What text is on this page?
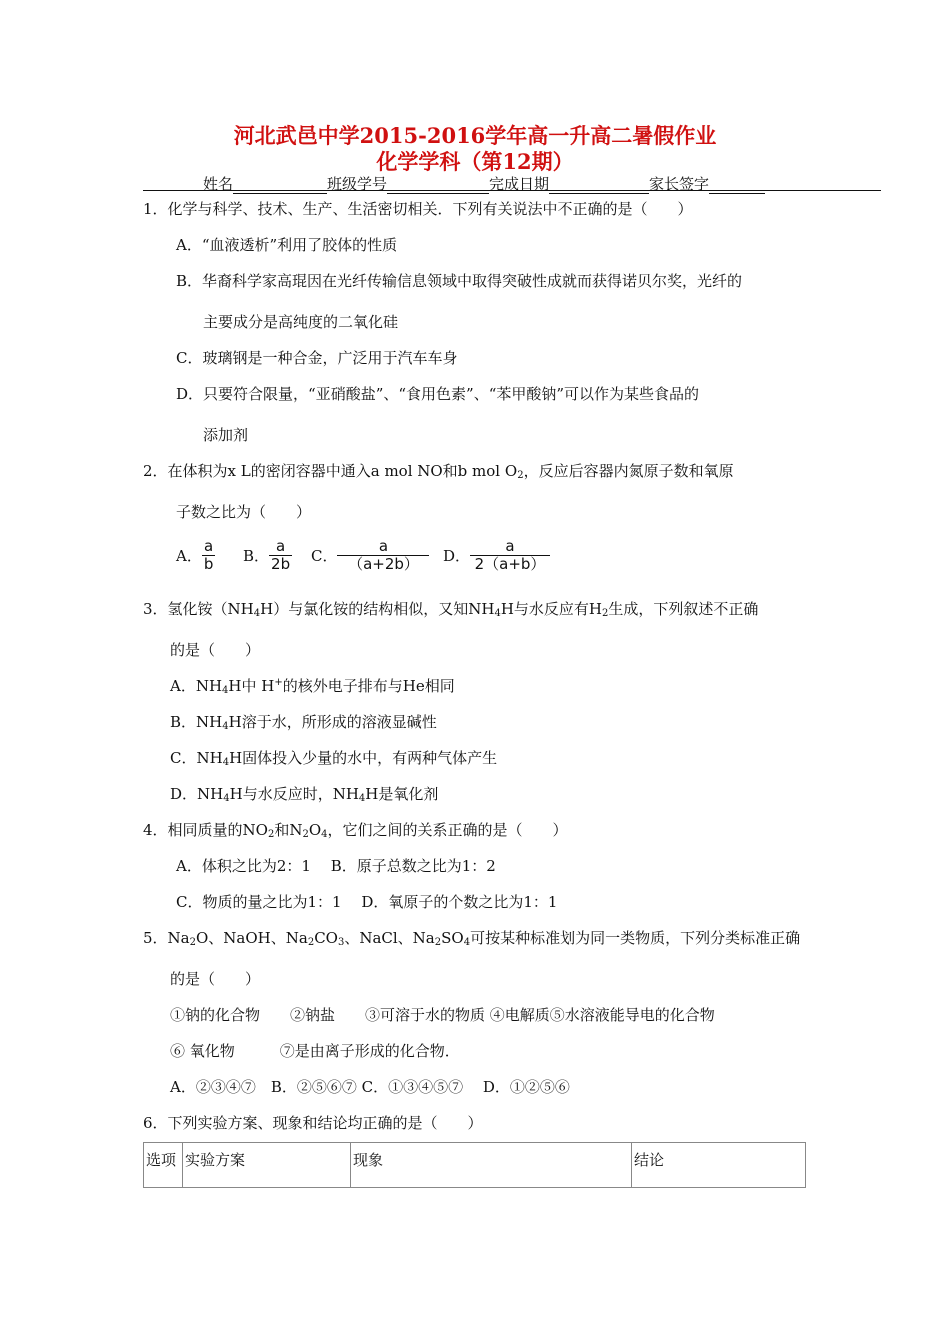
河北武邑中学2015-2016学年高一升高二暑假作业
化学学科（第12期）
姓名	班级学号	完成日期	家长签字
1．化学与科学、技术、生产、生活密切相关．下列有关说法中不正确的是（　　）
A．“血液透析”利用了胶体的性质
B．华裔科学家高琨因在光纤传输信息领域中取得突破性成就而获得诺贝尔奖，光纤的
主要成分是高纯度的二氧化硅
C．玻璃钢是一种合金，广泛用于汽车车身
D．只要符合限量，“亚硝酸盐”、“食用色素”、“苯甲酸钠”可以作为某些食品的
添加剂
2．在体积为x L的密闭容器中通入a mol NO和b mol $O_2$，反应后容器内氮原子数和氧原
子数之比为（　　）
A． $\frac{a}{b}$ B． $\frac{a}{2b}$ C． $\frac{a}{(a+2b)}$ D． $\frac{a}{2(a+b)}$
3．氢化铵$(NH_4H)$与氯化铵的结构相似，又知$NH_4H$与水反应有$H_2$生成，下列叙述不正确
的是（　　）
A．$NH_4H$中 H+的核外电子排布与He相同
B．$NH_4H$溶于水，所形成的溶液显碱性
C．$NH_4H$固体投入少量的水中，有两种气体产生
D．$NH_4H$与水反应时，$NH_4H$是氧化剂
4．相同质量的$NO_2$和$N_2O_4$，它们之间的关系正确的是（　　）
A．体积之比为2：1　 B．原子总数之比为1：2
C．物质的量之比为1：1　 D．氧原子的个数之比为1：1
5．$Na_2O$、NaOH、$Na_2CO_3$、NaCl、$Na_2SO_4$可按某种标准划为同一类物质，下列分类标准正确
的是（　　）
①钠的化合物　　②钠盐　　③可溶于水的物质 ④电解质⑤水溶液能导电的化合物
⑥ 氧化物　　　⑦是由离子形成的化合物．
A．②③④⑦　B．②⑤⑥⑦ C．①③④⑤⑦　 D．①②⑤⑥
6．下列实验方案、现象和结论均正确的是（　　）
选项	实验方案	现象	结论
